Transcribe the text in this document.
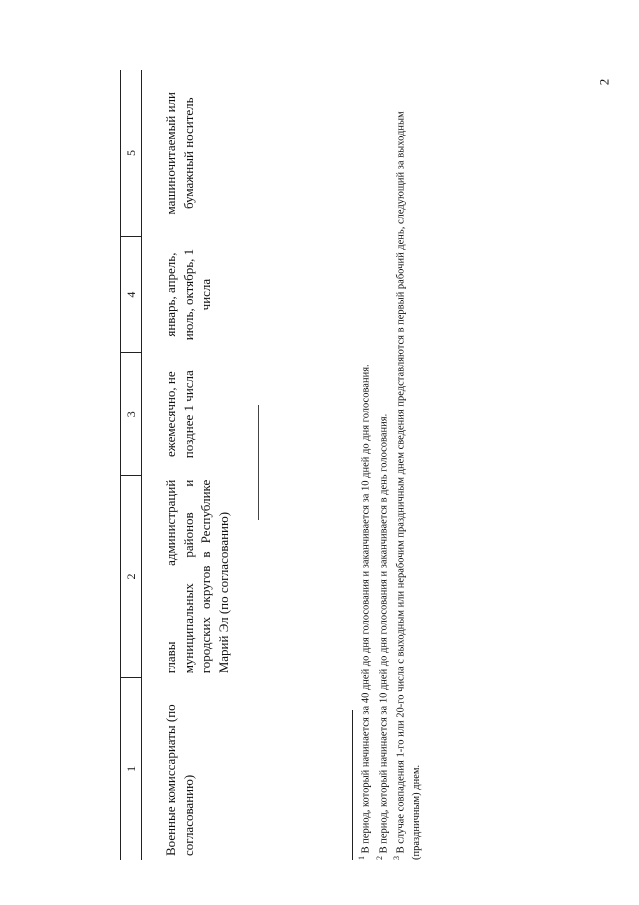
2
1	2	3	4	5
Военные комиссариаты (по согласованию)	главы администраций муниципальных районов и городских округов в Республике Марий Эл (по согласованию)	ежемесячно, не позднее 1 числа	январь, апрель, июль, октябрь, 1 числа	машиночитаемый или бумажный носитель
$^1$ В период, который начинается за 40 дней до дня голосования и заканчивается за 10 дней до дня голосования.
$^2$ В период, который начинается за 10 дней до дня голосования и заканчивается в день голосования.
$^3$ В случае совпадения 1-го или 20-го числа с выходным или нерабочим праздничным днем сведения представляются в первый рабочий день, следующий за выходным (праздничным) днем.
